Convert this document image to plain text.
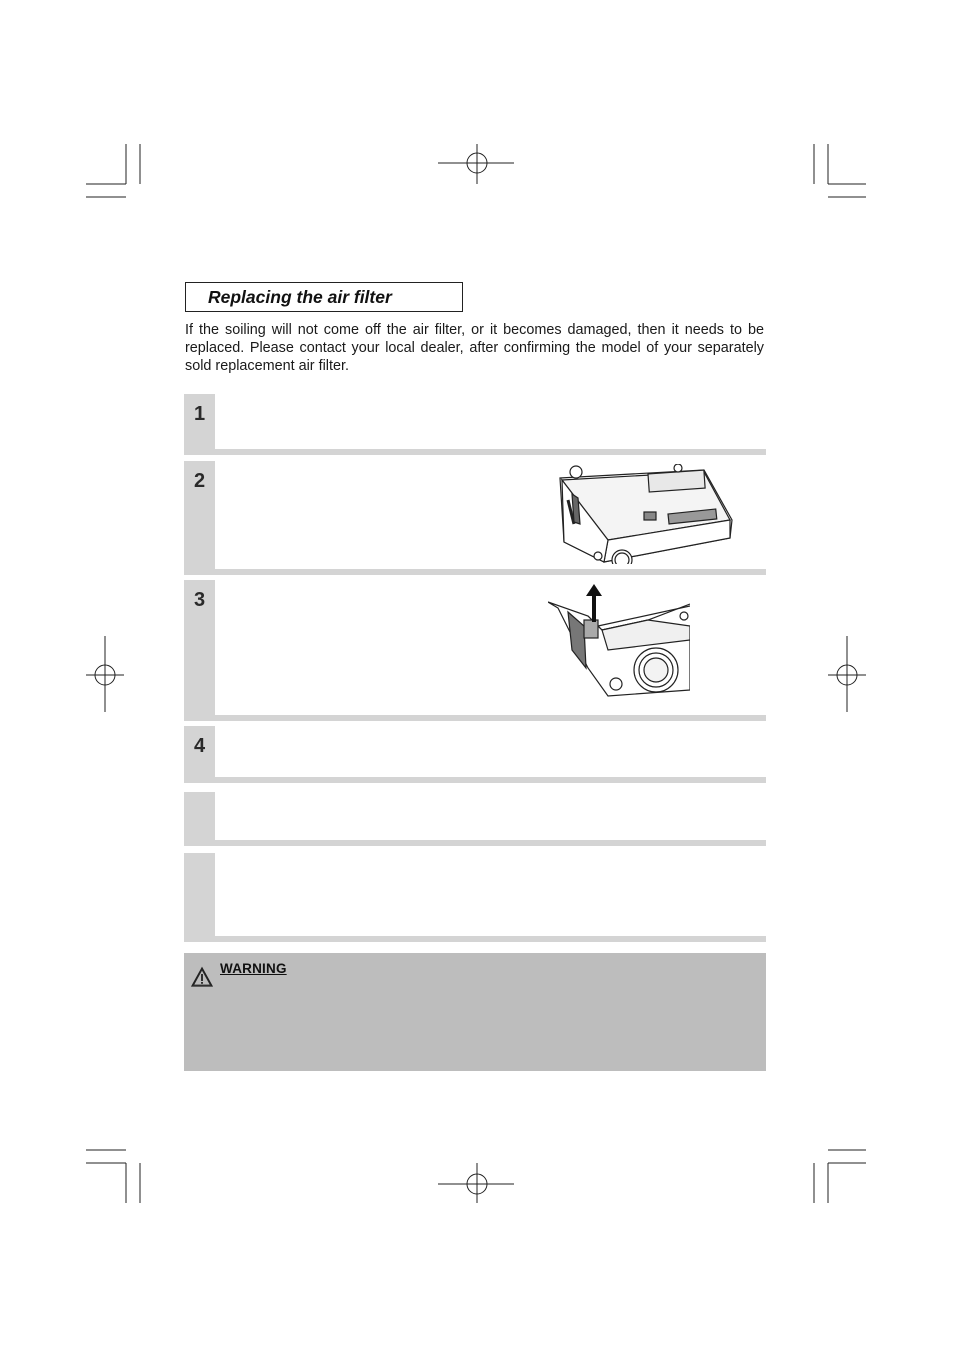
Replacing the air filter

If the soiling will not come off the air filter, or it becomes damaged, then it needs to be replaced. Please contact your local dealer, after confirming the model of your separately sold replacement air filter.

1
2
3
4
WARNING
